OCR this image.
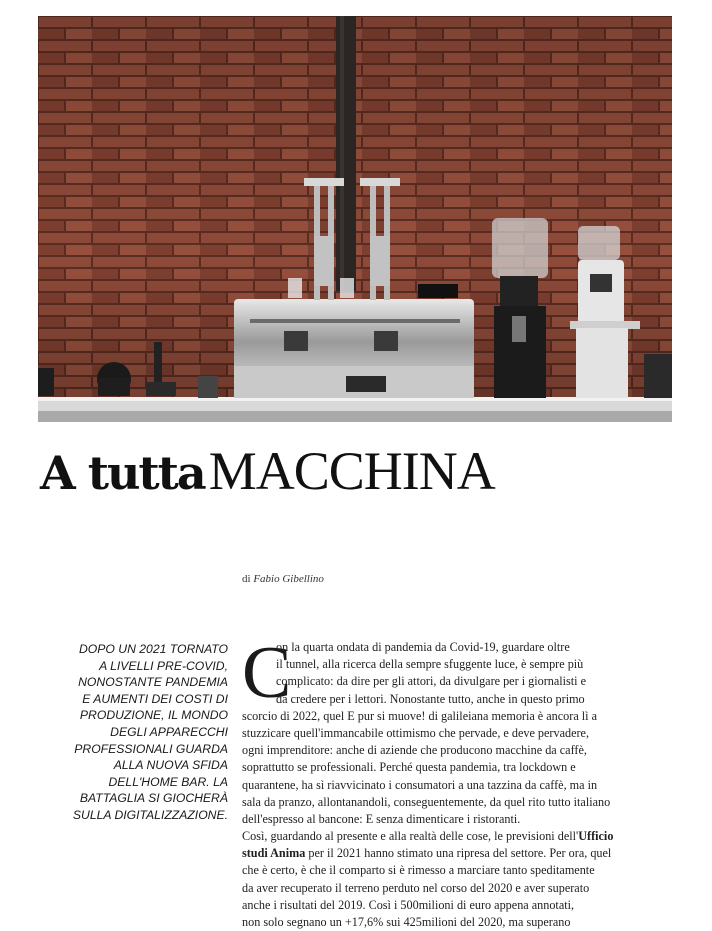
A tutta MACCHINA
di Fabio Gibellino
DOPO UN 2021 TORNATO
A LIVELLI PRE-COVID,
NONOSTANTE PANDEMIA
E AUMENTI DEI COSTI DI
PRODUZIONE, IL MONDO
DEGLI APPARECCHI
PROFESSIONALI GUARDA
ALLA NUOVA SFIDA
DELL'HOME BAR. LA
BATTAGLIA SI GIOCHERÀ
SULLA DIGITALIZZAZIONE.
C
on la quarta ondata di pandemia da Covid-19, guardare oltre
il tunnel, alla ricerca della sempre sfuggente luce, è sempre più
complicato: da dire per gli attori, da divulgare per i giornalisti e
da credere per i lettori. Nonostante tutto, anche in questo primo
scorcio di 2022, quel E pur si muove! di galileiana memoria è ancora lì a
stuzzicare quell'immancabile ottimismo che pervade, e deve pervadere,
ogni imprenditore: anche di aziende che producono macchine da caffè,
soprattutto se professionali. Perché questa pandemia, tra lockdown e
quarantene, ha sì riavvicinato i consumatori a una tazzina da caffè, ma in
sala da pranzo, allontanandoli, conseguentemente, da quel rito tutto italiano
dell'espresso al bancone: E senza dimenticare i ristoranti.
Così, guardando al presente e alla realtà delle cose, le previsioni dell'Ufficio
studi Anima per il 2021 hanno stimato una ripresa del settore. Per ora, quel
che è certo, è che il comparto si è rimesso a marciare tanto speditamente
da aver recuperato il terreno perduto nel corso del 2020 e aver superato
anche i risultati del 2019. Così i 500milioni di euro appena annotati,
non solo segnano un +17,6% sui 425milioni del 2020, ma superano
